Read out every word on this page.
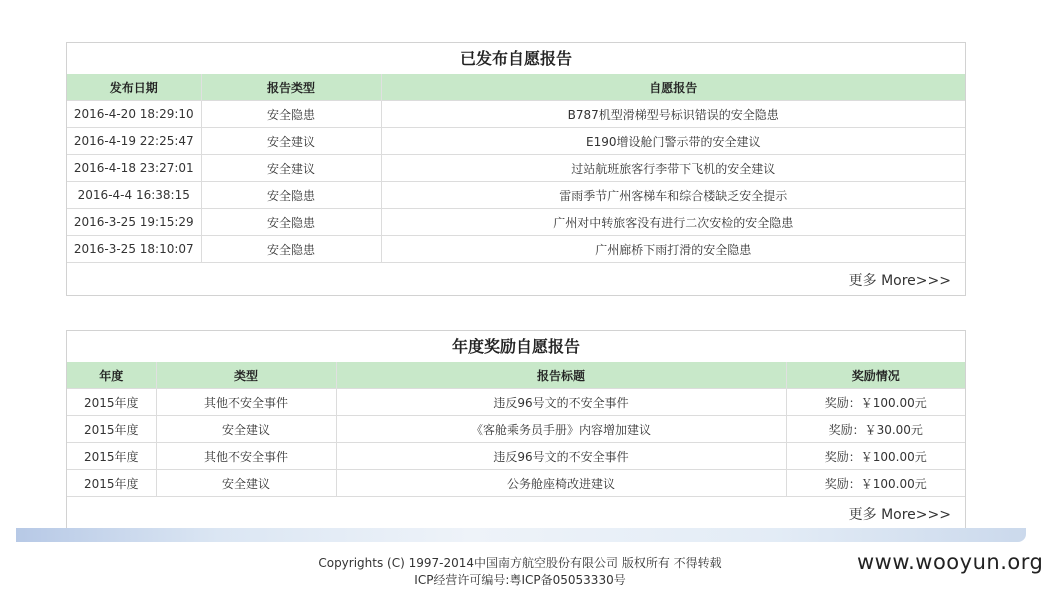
已发布自愿报告
发布日期	报告类型	自愿报告
2016-4-20 18:29:10	安全隐患	B787机型滑梯型号标识错误的安全隐患
2016-4-19 22:25:47	安全建议	E190增设舱门警示带的安全建议
2016-4-18 23:27:01	安全建议	过站航班旅客行李带下飞机的安全建议
2016-4-4 16:38:15	安全隐患	雷雨季节广州客梯车和综合楼缺乏安全提示
2016-3-25 19:15:29	安全隐患	广州对中转旅客没有进行二次安检的安全隐患
2016-3-25 18:10:07	安全隐患	广州廊桥下雨打滑的安全隐患
更多 More>>>
年度奖励自愿报告
年度	类型	报告标题	奖励情况
2015年度	其他不安全事件	违反96号文的不安全事件	奖励：￥100.00元
2015年度	安全建议	《客舱乘务员手册》内容增加建议	奖励：￥30.00元
2015年度	其他不安全事件	违反96号文的不安全事件	奖励：￥100.00元
2015年度	安全建议	公务舱座椅改进建议	奖励：￥100.00元
更多 More>>>
Copyrights (C) 1997-2014中国南方航空股份有限公司 版权所有 不得转载
ICP经营许可编号:粤ICP备05053330号
www.wooyun.org
